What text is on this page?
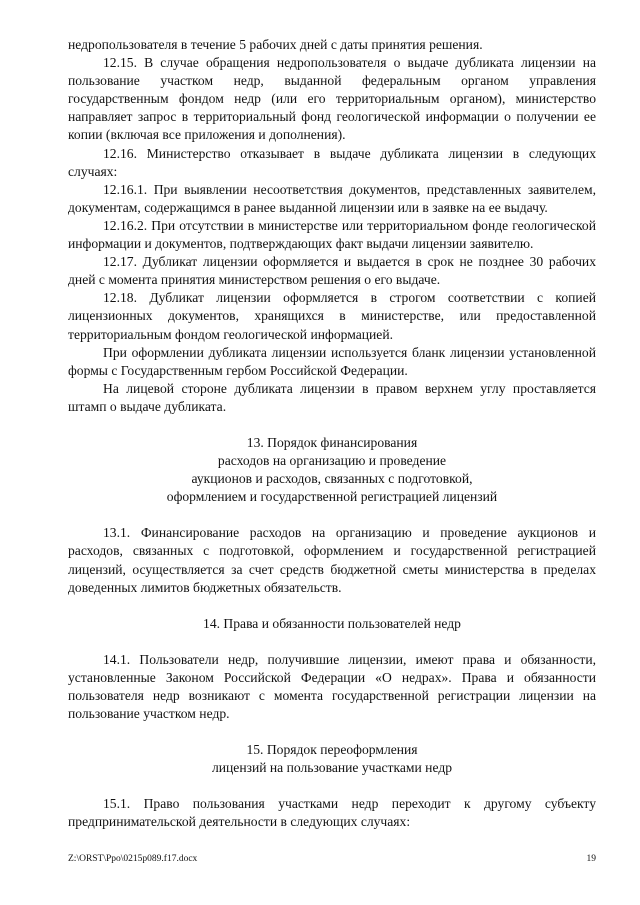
недропользователя в течение 5 рабочих дней с даты принятия решения.

12.15. В случае обращения недропользователя о выдаче дубликата лицензии на пользование участком недр, выданной федеральным органом управления государственным фондом недр (или его территориальным органом), министерство направляет запрос в территориальный фонд геологической информации о получении ее копии (включая все приложения и дополнения).

12.16. Министерство отказывает в выдаче дубликата лицензии в следующих случаях:

12.16.1. При выявлении несоответствия документов, представленных заявителем, документам, содержащимся в ранее выданной лицензии или в заявке на ее выдачу.

12.16.2. При отсутствии в министерстве или территориальном фонде геологической информации и документов, подтверждающих факт выдачи лицензии заявителю.

12.17. Дубликат лицензии оформляется и выдается в срок не позднее 30 рабочих дней с момента принятия министерством решения о его выдаче.

12.18. Дубликат лицензии оформляется в строгом соответствии с копией лицензионных документов, хранящихся в министерстве, или предоставленной территориальным фондом геологической информацией.

При оформлении дубликата лицензии используется бланк лицензии установленной формы с Государственным гербом Российской Федерации.

На лицевой стороне дубликата лицензии в правом верхнем углу проставляется штамп о выдаче дубликата.

13. Порядок финансирования

расходов на организацию и проведение

аукционов и расходов, связанных с подготовкой,

оформлением и государственной регистрацией лицензий

13.1. Финансирование расходов на организацию и проведение аукционов и расходов, связанных с подготовкой, оформлением и государственной регистрацией лицензий, осуществляется за счет средств бюджетной сметы министерства в пределах доведенных лимитов бюджетных обязательств.

14. Права и обязанности пользователей недр

14.1. Пользователи недр, получившие лицензии, имеют права и обязанности, установленные Законом Российской Федерации «О недрах». Права и обязанности пользователя недр возникают с момента государственной регистрации лицензии на пользование участком недр.

15. Порядок переоформления

лицензий на пользование участками недр

15.1. Право пользования участками недр переходит к другому субъекту предпринимательской деятельности в следующих случаях:

Z:\ORST\Ppo\0215p089.f17.docx	19
